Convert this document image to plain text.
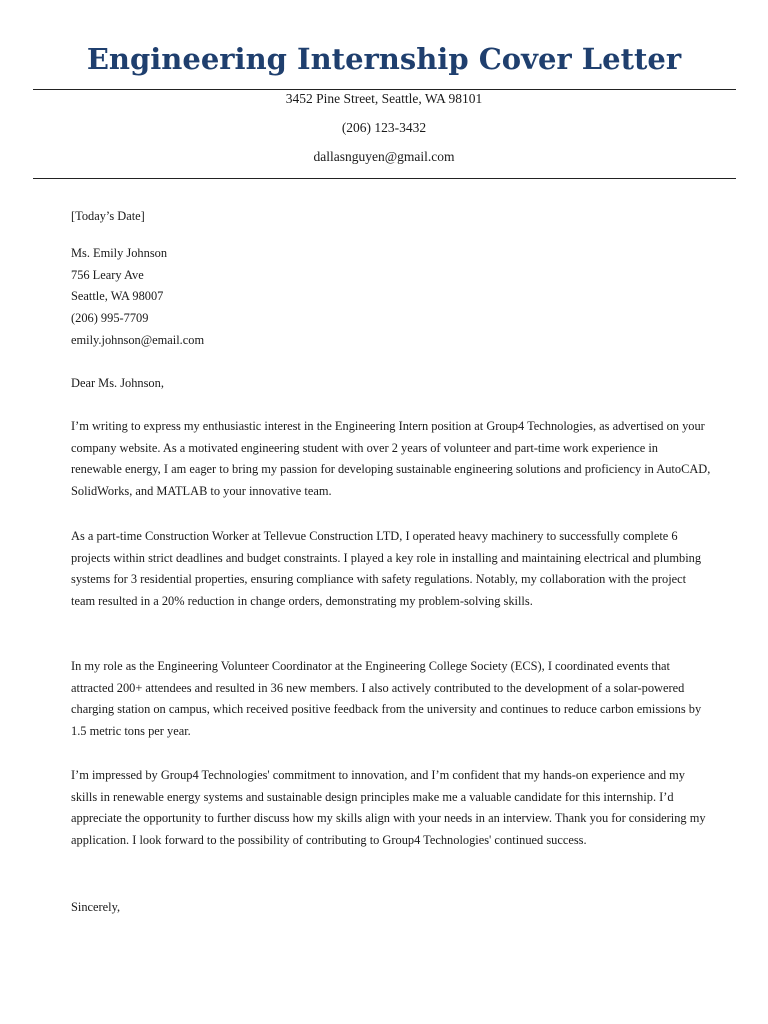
Engineering Internship Cover Letter
3452 Pine Street, Seattle, WA 98101
(206) 123-3432
dallasnguyen@gmail.com
[Today’s Date]
Ms. Emily Johnson
756 Leary Ave
Seattle, WA 98007
(206) 995-7709
emily.johnson@email.com
Dear Ms. Johnson,

I’m writing to express my enthusiastic interest in the Engineering Intern position at Group4 Technologies, as advertised on your company website. As a motivated engineering student with over 2 years of volunteer and part-time work experience in renewable energy, I am eager to bring my passion for developing sustainable engineering solutions and proficiency in AutoCAD, SolidWorks, and MATLAB to your innovative team.

As a part-time Construction Worker at Tellevue Construction LTD, I operated heavy machinery to successfully complete 6 projects within strict deadlines and budget constraints. I played a key role in installing and maintaining electrical and plumbing systems for 3 residential properties, ensuring compliance with safety regulations. Notably, my collaboration with the project team resulted in a 20% reduction in change orders, demonstrating my problem-solving skills.

In my role as the Engineering Volunteer Coordinator at the Engineering College Society (ECS), I coordinated events that attracted 200+ attendees and resulted in 36 new members. I also actively contributed to the development of a solar-powered charging station on campus, which received positive feedback from the university and continues to reduce carbon emissions by 1.5 metric tons per year.

I’m impressed by Group4 Technologies' commitment to innovation, and I’m confident that my hands-on experience and my skills in renewable energy systems and sustainable design principles make me a valuable candidate for this internship. I’d appreciate the opportunity to further discuss how my skills align with your needs in an interview. Thank you for considering my application. I look forward to the possibility of contributing to Group4 Technologies' continued success.

Sincerely,
